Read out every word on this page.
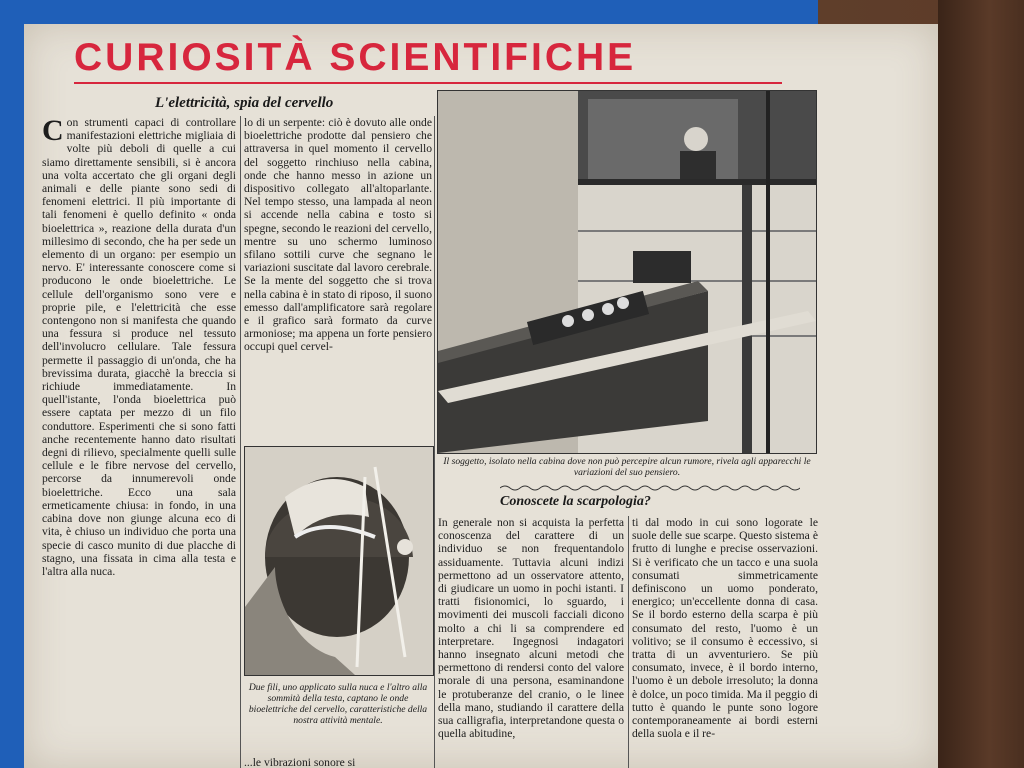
CURIOSITÀ SCIENTIFICHE
L'elettricità, spia del cervello

Con strumenti capaci di controllare manifestazioni elettriche migliaia di volte più deboli di quelle a cui siamo direttamente sensibili, si è ancora una volta accertato che gli organi degli animali e delle piante sono sedi di fenomeni elettrici. Il più importante di tali fenomeni è quello definito « onda bioelettrica », reazione della durata d'un millesimo di secondo, che ha per sede un elemento di un organo: per esempio un nervo. E' interessante conoscere come si producono le onde bioelettriche. Le cellule dell'organismo sono vere e proprie pile, e l'elettricità che esse contengono non si manifesta che quando una fessura si produce nel tessuto dell'involucro cellulare. Tale fessura permette il passaggio di un'onda, che ha brevissima durata, giacchè la breccia si richiude immediatamente. In quell'istante, l'onda bioelettrica può essere captata per mezzo di un filo conduttore. Esperimenti che si sono fatti anche recentemente hanno dato risultati degni di rilievo, specialmente quelli sulle cellule e le fibre nervose del cervello, percorse da innumerevoli onde bioelettriche. Ecco una sala ermeticamente chiusa: in fondo, in una cabina dove non giunge alcuna eco di vita, è chiuso un individuo che porta una specie di casco munito di due placche di stagno, una fissata in cima alla testa e l'altra alla nuca.

lo di un serpente: ciò è dovuto alle onde bioelettriche prodotte dal pensiero che attraversa in quel momento il cervello del soggetto rinchiuso nella cabina, onde che hanno messo in azione un dispositivo collegato all'altoparlante. Nel tempo stesso, una lampada al neon si accende nella cabina e tosto si spegne, secondo le reazioni del cervello, mentre su uno schermo luminoso sfilano sottili curve che segnano le variazioni suscitate dal lavoro cerebrale. Se la mente del soggetto che si trova nella cabina è in stato di riposo, il suono emesso dall'amplificatore sarà regolare e il grafico sarà formato da curve armoniose; ma appena un forte pensiero occupi quel cervel-

Il soggetto, isolato nella cabina dove non può percepire alcun rumore, rivela agli apparecchi le variazioni del suo pensiero.
Due fili, uno applicato sulla nuca e l'altro alla sommità della testa, captano le onde bioelettriche del cervello, caratteristiche della nostra attività mentale.

...le vibrazioni sonore si

Conoscete la scarpologia?

In generale non si acquista la perfetta conoscenza del carattere di un individuo se non frequentandolo assiduamente. Tuttavia alcuni indizi permettono ad un osservatore attento, di giudicare un uomo in pochi istanti. I tratti fisionomici, lo sguardo, i movimenti dei muscoli facciali dicono molto a chi li sa comprendere ed interpretare. Ingegnosi indagatori hanno insegnato alcuni metodi che permettono di rendersi conto del valore morale di una persona, esaminandone le protuberanze del cranio, o le linee della mano, studiando il carattere della sua calligrafia, interpretandone questa o quella abitudine,

ti dal modo in cui sono logorate le suole delle sue scarpe. Questo sistema è frutto di lunghe e precise osservazioni. Si è verificato che un tacco e una suola consumati simmetricamente definiscono un uomo ponderato, energico; un'eccellente donna di casa. Se il bordo esterno della scarpa è più consumato del resto, l'uomo è un volitivo; se il consumo è eccessivo, si tratta di un avventuriero. Se più consumato, invece, è il bordo interno, l'uomo è un debole irresoluto; la donna è dolce, un poco timida. Ma il peggio di tutto è quando le punte sono logore contemporaneamente ai bordi esterni della suola e il re-
